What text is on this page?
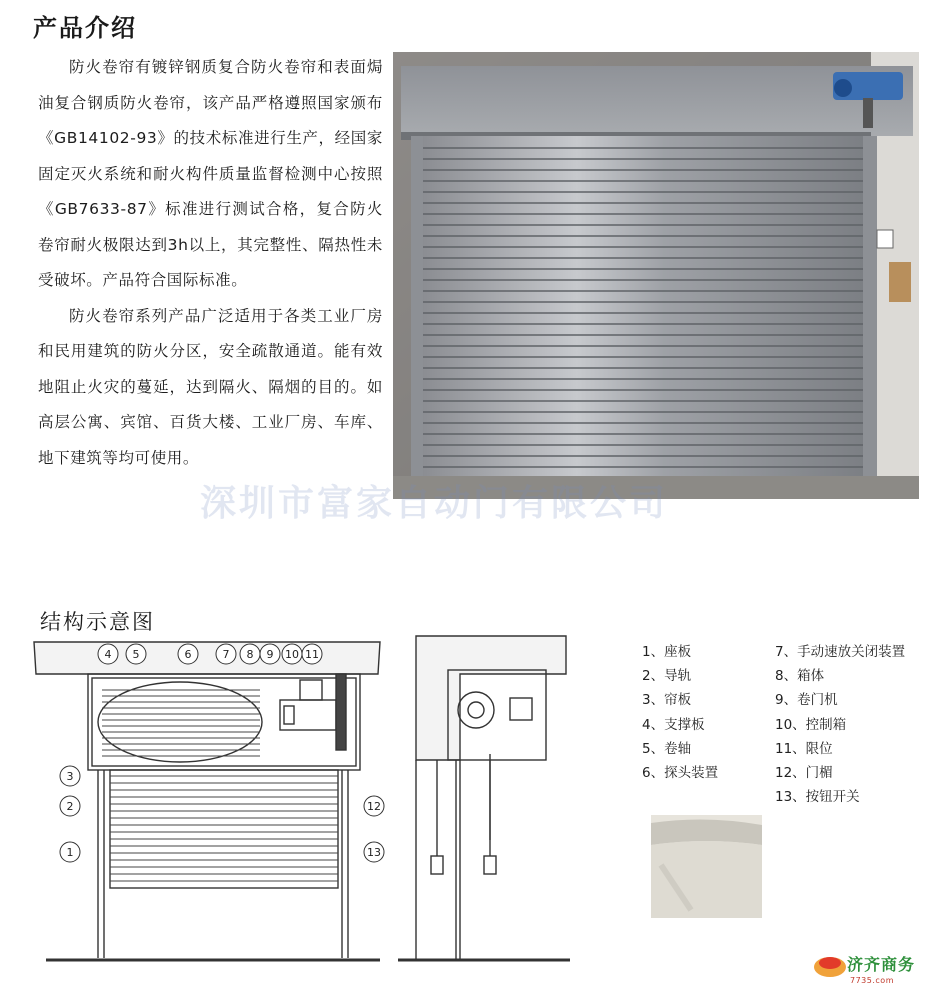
产品介绍

防火卷帘有镀锌钢质复合防火卷帘和表面焗油复合钢质防火卷帘，该产品严格遵照国家颁布《GB14102-93》的技术标准进行生产，经国家固定灭火系统和耐火构件质量监督检测中心按照《GB7633-87》标准进行测试合格，复合防火卷帘耐火极限达到3h以上，其完整性、隔热性未受破坏。产品符合国际标准。

防火卷帘系列产品广泛适用于各类工业厂房和民用建筑的防火分区，安全疏散通道。能有效地阻止火灾的蔓延，达到隔火、隔烟的目的。如高层公寓、宾馆、百货大楼、工业厂房、车库、地下建筑等均可使用。

深圳市富家自动门有限公司
结构示意图
4 5	6	7 8 9 10 11
3
2
1
12
13
1、座板
2、导轨
3、帘板
4、支撑板
5、卷轴
6、探头装置
7、手动速放关闭装置
8、箱体
9、卷门机
10、控制箱
11、限位
12、门楣
13、按钮开关
济齐商务
7735.com
